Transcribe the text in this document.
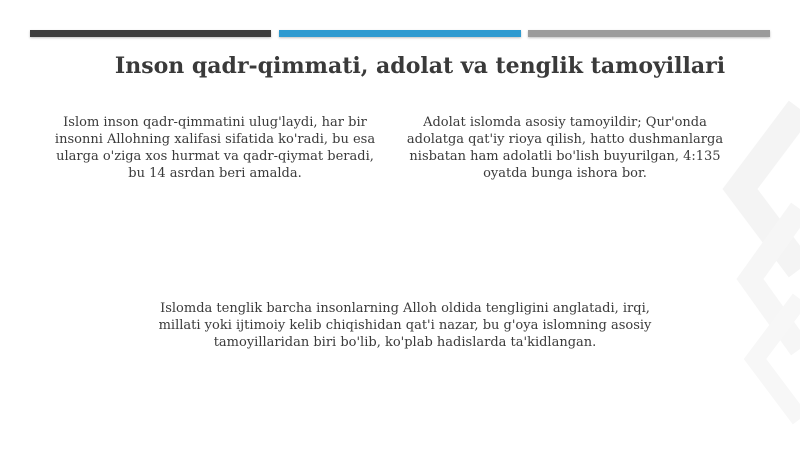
Inson qadr-qimmati, adolat va tenglik tamoyillari
Islom inson qadr-qimmatini ulug'laydi, har bir insonni Allohning xalifasi sifatida ko'radi, bu esa ularga o'ziga xos hurmat va qadr-qiymat beradi, bu 14 asrdan beri amalda.
Adolat islomda asosiy tamoyildir; Qur'onda adolatga qat'iy rioya qilish, hatto dushmanlarga nisbatan ham adolatli bo'lish buyurilgan, 4:135 oyatda bunga ishora bor.
Islomda tenglik barcha insonlarning Alloh oldida tengligini anglatadi, irqi, millati yoki ijtimoiy kelib chiqishidan qat'i nazar, bu g'oya islomning asosiy tamoyillaridan biri bo'lib, ko'plab hadislarda ta'kidlangan.
